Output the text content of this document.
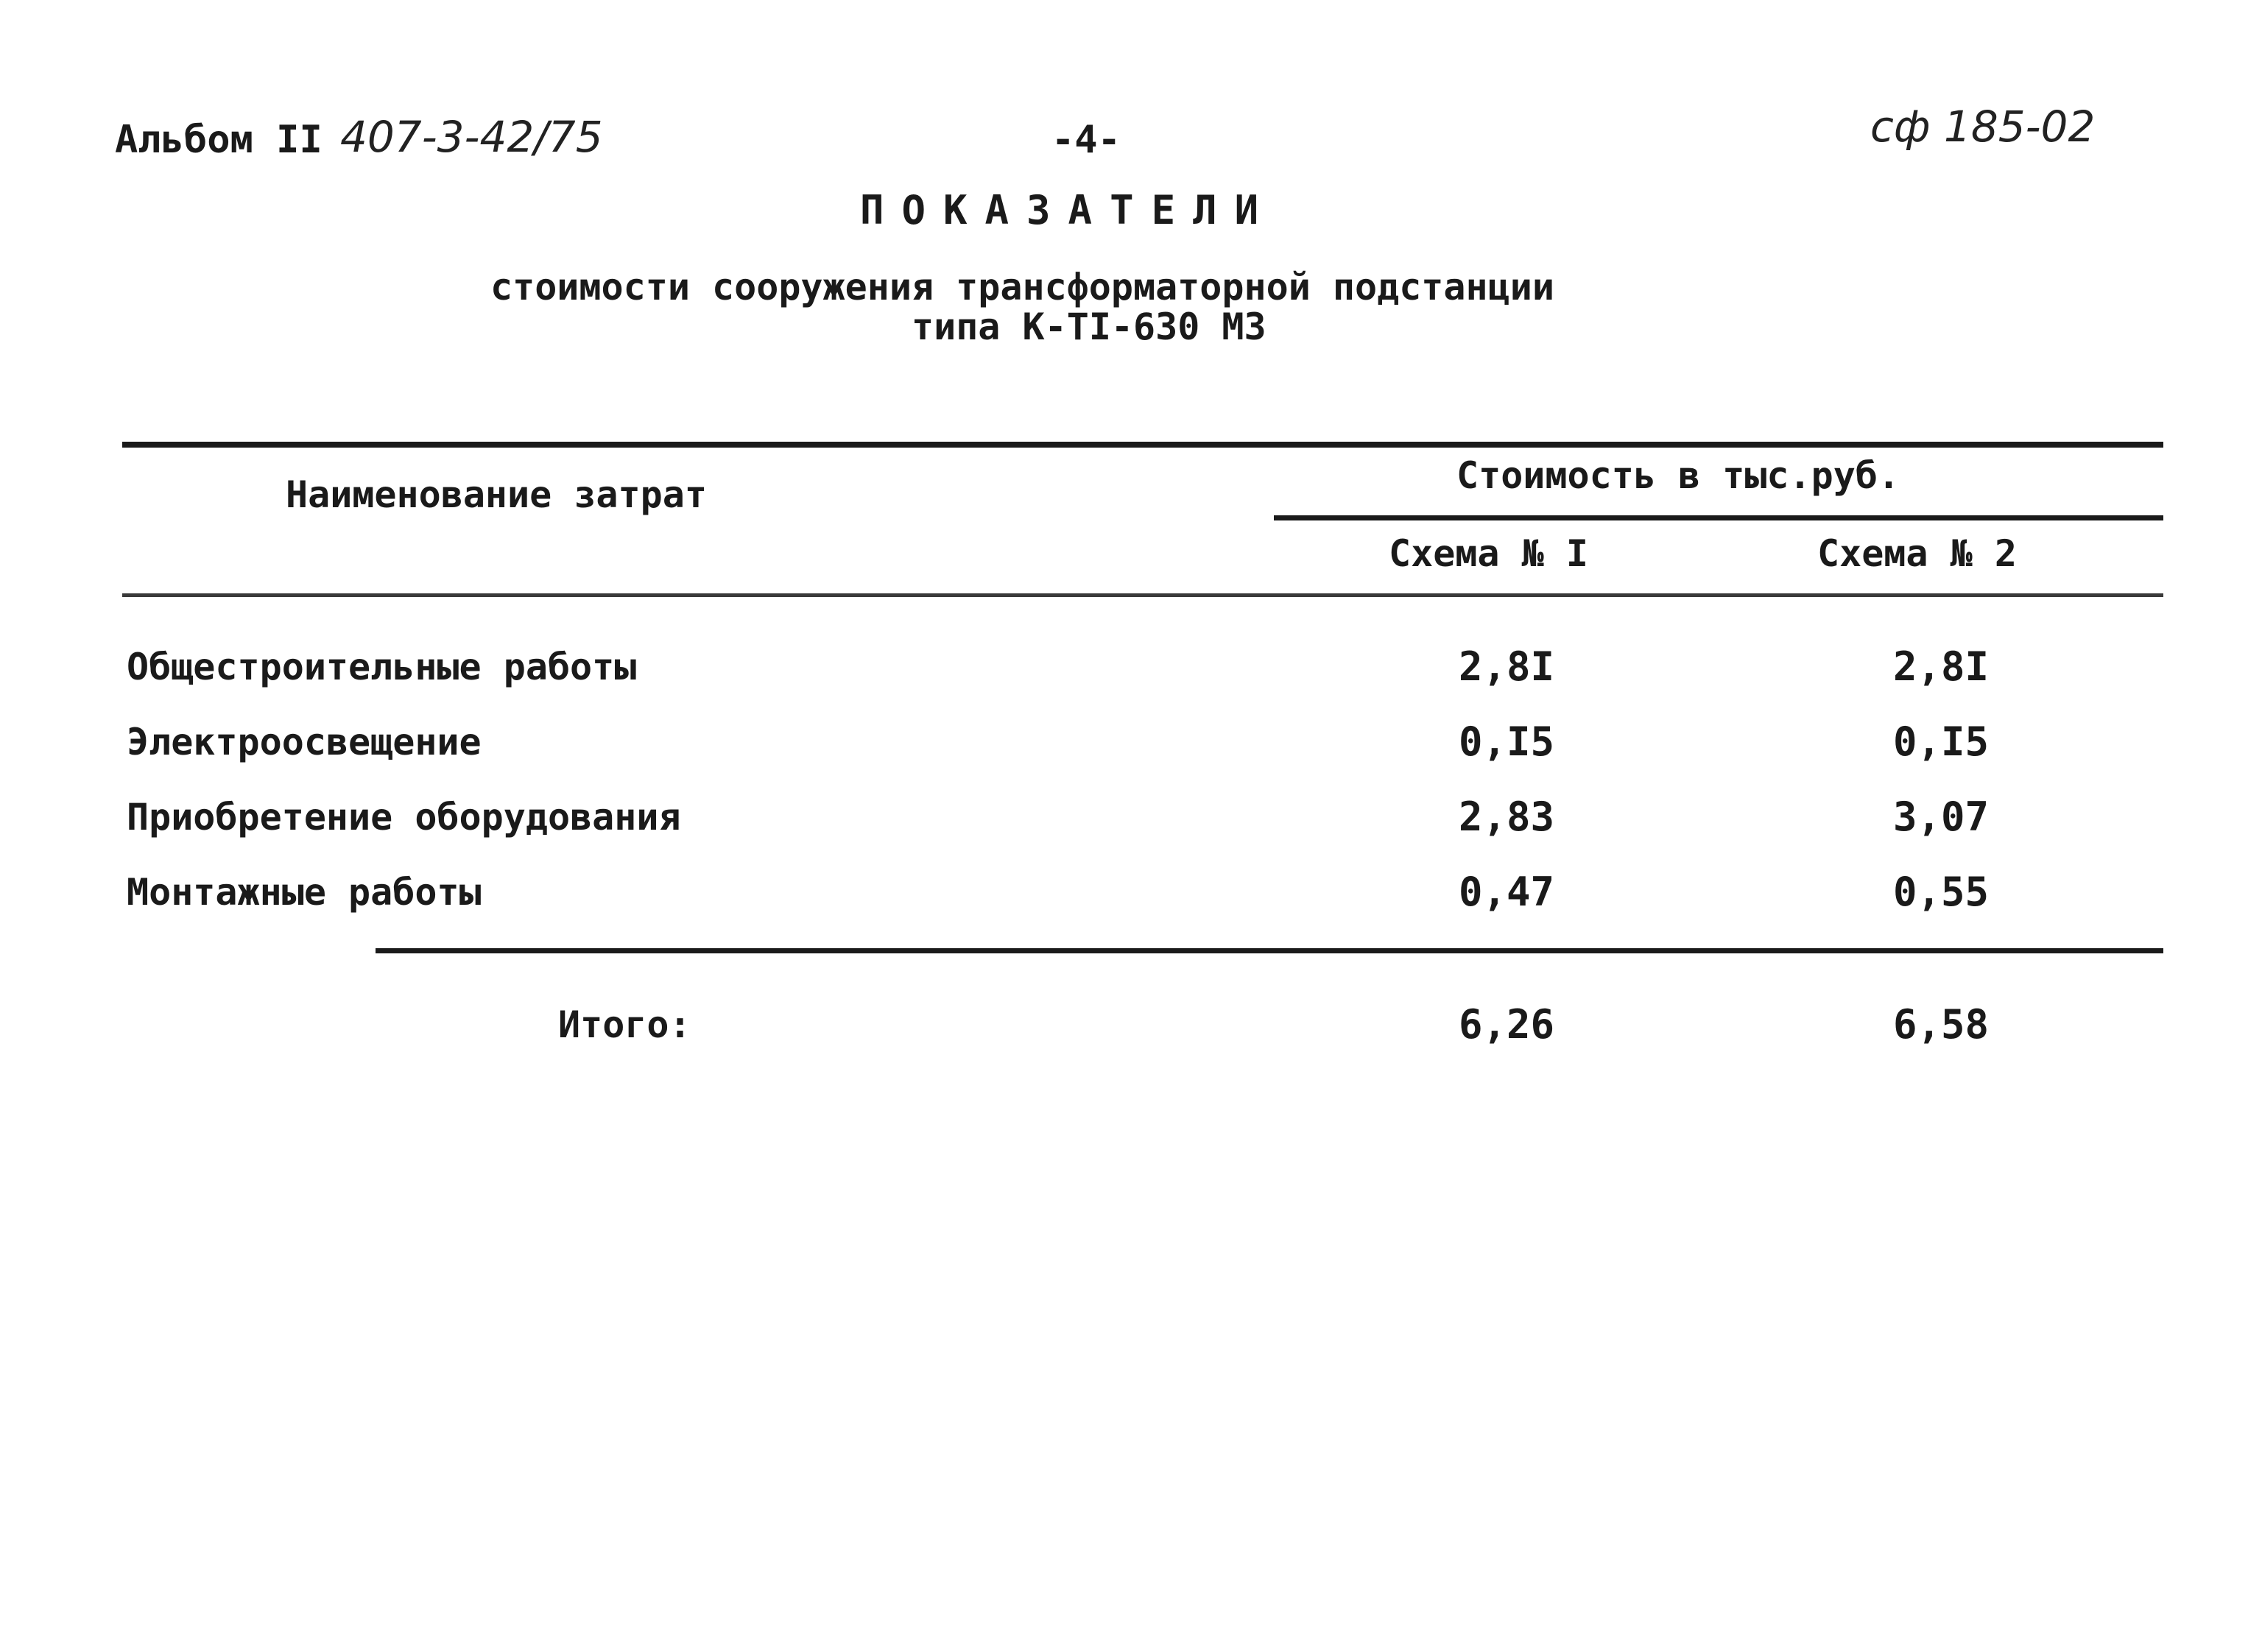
Альбом II 407-3-42/75	-4-	сф 185-02
ПОКАЗАТЕЛИ
стоимости сооружения трансформаторной подстанции
типа К-ТI-630 М3
Наименование затрат	Стоимость в тыс.руб.
Схема № I	Схема № 2
Общестроительные работы	2,8I	2,8I
Электроосвещение	0,I5	0,I5
Приобретение оборудования	2,83	3,07
Монтажные работы	0,47	0,55
Итого:	6,26	6,58
